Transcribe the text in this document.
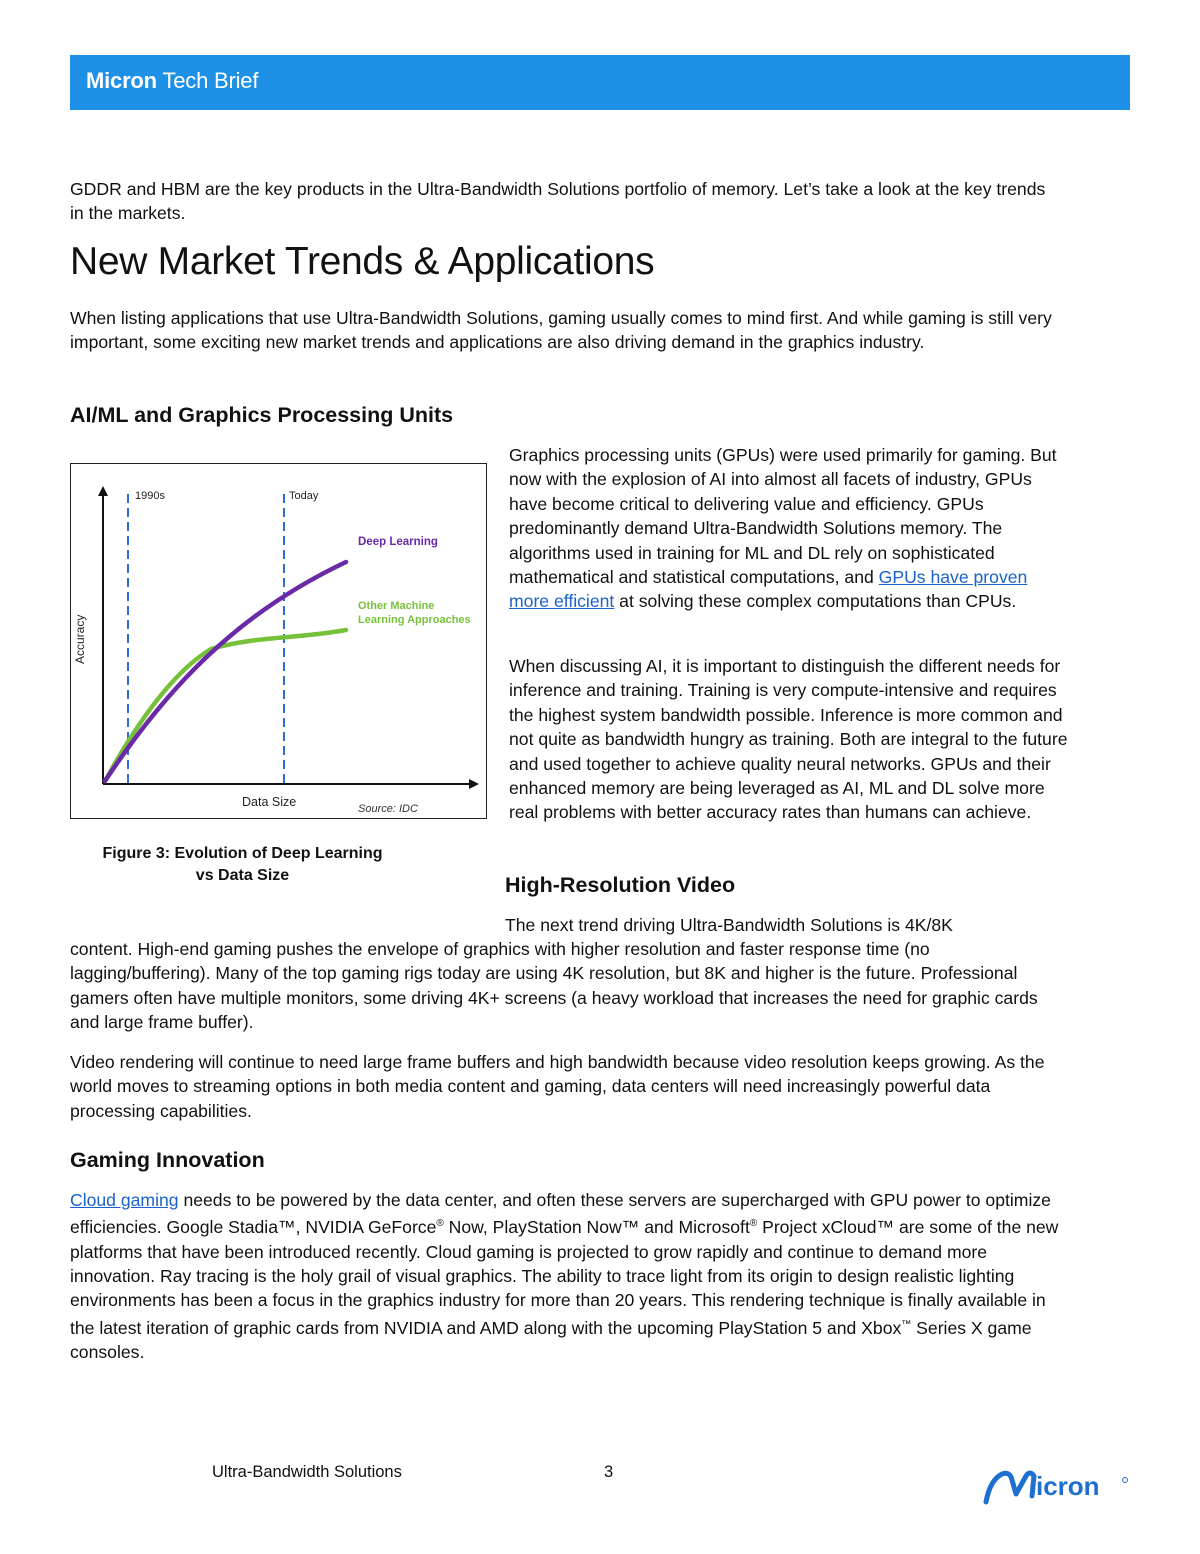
Micron Tech Brief

GDDR and HBM are the key products in the Ultra-Bandwidth Solutions portfolio of memory. Let’s take a look at the key trends in the markets.

New Market Trends & Applications

When listing applications that use Ultra-Bandwidth Solutions, gaming usually comes to mind first. And while gaming is still very important, some exciting new market trends and applications are also driving demand in the graphics industry.

AI/ML and Graphics Processing Units

Graphics processing units (GPUs) were used primarily for gaming. But now with the explosion of AI into almost all facets of industry, GPUs have become critical to delivering value and efficiency. GPUs predominantly demand Ultra-Bandwidth Solutions memory. The algorithms used in training for ML and DL rely on sophisticated mathematical and statistical computations, and GPUs have proven more efficient at solving these complex computations than CPUs.

When discussing AI, it is important to distinguish the different needs for inference and training. Training is very compute-intensive and requires the highest system bandwidth possible. Inference is more common and not quite as bandwidth hungry as training. Both are integral to the future and used together to achieve quality neural networks. GPUs and their enhanced memory are being leveraged as AI, ML and DL solve more real problems with better accuracy rates than humans can achieve.

1990s	Today
Deep Learning
Other Machine
Learning Approaches
Data Size
Accuracy
Source: IDC
Figure 3: Evolution of Deep Learning
vs Data Size	High-Resolution Video

The next trend driving Ultra-Bandwidth Solutions is 4K/8K

content. High-end gaming pushes the envelope of graphics with higher resolution and faster response time (no lagging/buffering). Many of the top gaming rigs today are using 4K resolution, but 8K and higher is the future. Professional gamers often have multiple monitors, some driving 4K+ screens (a heavy workload that increases the need for graphic cards and large frame buffer).

Video rendering will continue to need large frame buffers and high bandwidth because video resolution keeps growing. As the world moves to streaming options in both media content and gaming, data centers will need increasingly powerful data processing capabilities.

Gaming Innovation

Cloud gaming needs to be powered by the data center, and often these servers are supercharged with GPU power to optimize efficiencies. Google Stadia™, NVIDIA GeForce® Now, PlayStation Now™ and Microsoft® Project xCloud™ are some of the new platforms that have been introduced recently. Cloud gaming is projected to grow rapidly and continue to demand more innovation. Ray tracing is the holy grail of visual graphics. The ability to trace light from its origin to design realistic lighting environments has been a focus in the graphics industry for more than 20 years. This rendering technique is finally available in the latest iteration of graphic cards from NVIDIA and AMD along with the upcoming PlayStation 5 and Xbox™ Series X game consoles.

Ultra-Bandwidth Solutions	3	icron
